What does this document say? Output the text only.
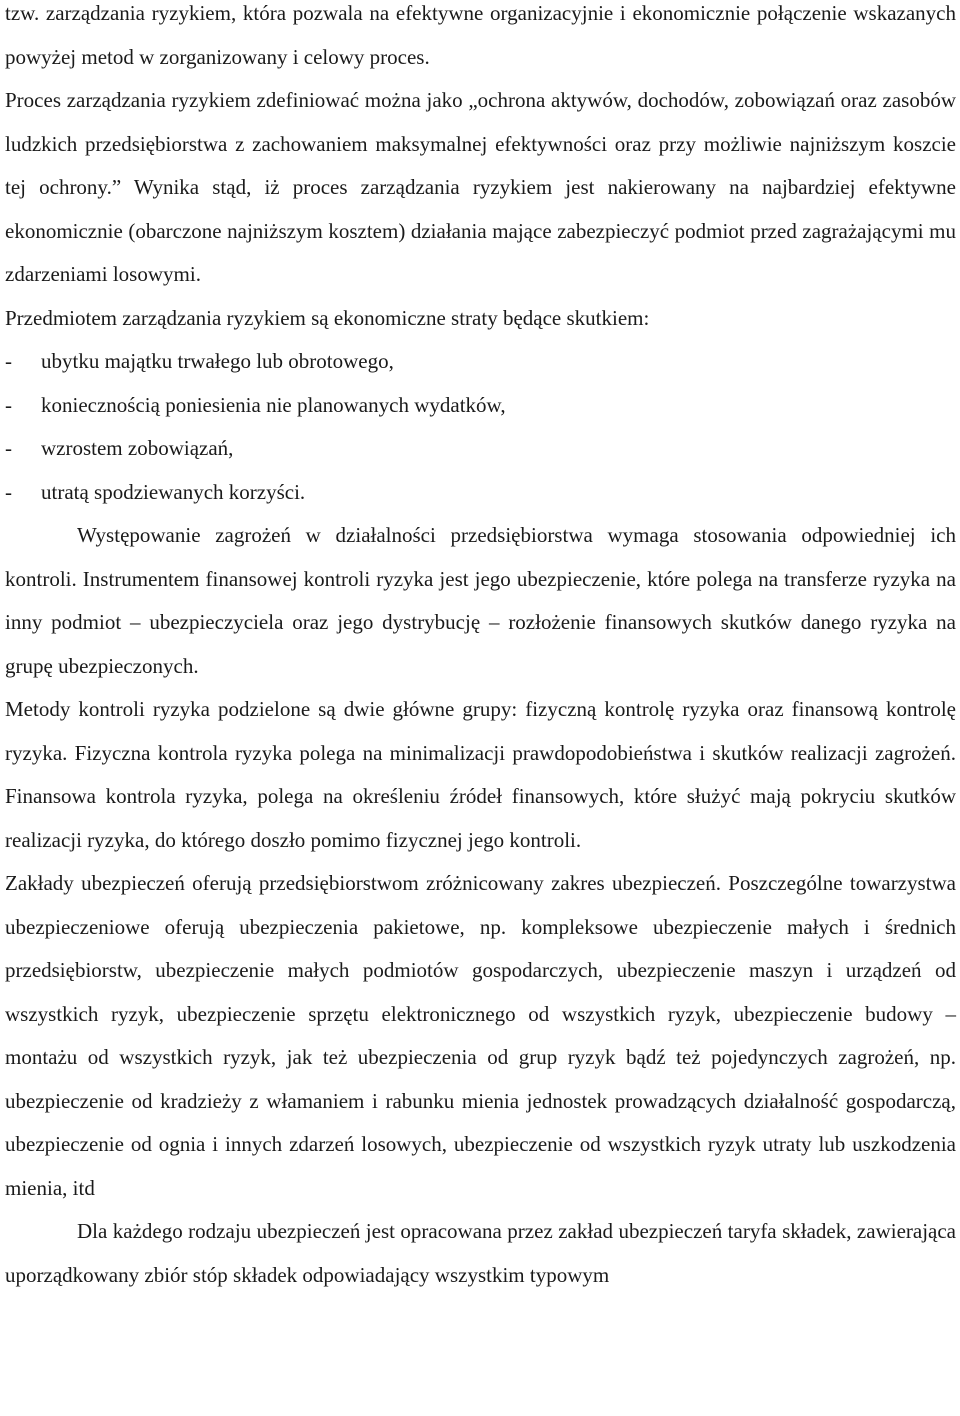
tzw. zarządzania ryzykiem, która pozwala na efektywne organizacyjnie i ekonomicznie połączenie wskazanych powyżej metod w zorganizowany i celowy proces.

Proces zarządzania ryzykiem zdefiniować można jako „ochrona aktywów, dochodów, zobowiązań oraz zasobów ludzkich przedsiębiorstwa z zachowaniem maksymalnej efektywności oraz przy możliwie najniższym koszcie tej ochrony.” Wynika stąd, iż proces zarządzania ryzykiem jest nakierowany na najbardziej efektywne ekonomicznie (obarczone najniższym kosztem) działania mające zabezpieczyć podmiot przed zagrażającymi mu zdarzeniami losowymi.

Przedmiotem zarządzania ryzykiem są ekonomiczne straty będące skutkiem:

- ubytku majątku trwałego lub obrotowego,
- koniecznością poniesienia nie planowanych wydatków,
- wzrostem zobowiązań,
- utratą spodziewanych korzyści.

Występowanie zagrożeń w działalności przedsiębiorstwa wymaga stosowania odpowiedniej ich kontroli. Instrumentem finansowej kontroli ryzyka jest jego ubezpieczenie, które polega na transferze ryzyka na inny podmiot – ubezpieczyciela oraz jego dystrybucję – rozłożenie finansowych skutków danego ryzyka na grupę ubezpieczonych.

Metody kontroli ryzyka podzielone są dwie główne grupy: fizyczną kontrolę ryzyka oraz finansową kontrolę ryzyka. Fizyczna kontrola ryzyka polega na minimalizacji prawdopodobieństwa i skutków realizacji zagrożeń. Finansowa kontrola ryzyka, polega na określeniu źródeł finansowych, które służyć mają pokryciu skutków realizacji ryzyka, do którego doszło pomimo fizycznej jego kontroli.

Zakłady ubezpieczeń oferują przedsiębiorstwom zróżnicowany zakres ubezpieczeń. Poszczególne towarzystwa ubezpieczeniowe oferują ubezpieczenia pakietowe, np. kompleksowe ubezpieczenie małych i średnich przedsiębiorstw, ubezpieczenie małych podmiotów gospodarczych, ubezpieczenie maszyn i urządzeń od wszystkich ryzyk, ubezpieczenie sprzętu elektronicznego od wszystkich ryzyk, ubezpieczenie budowy – montażu od wszystkich ryzyk, jak też ubezpieczenia od grup ryzyk bądź też pojedynczych zagrożeń, np. ubezpieczenie od kradzieży z włamaniem i rabunku mienia jednostek prowadzących działalność gospodarczą, ubezpieczenie od ognia i innych zdarzeń losowych, ubezpieczenie od wszystkich ryzyk utraty lub uszkodzenia mienia, itd

Dla każdego rodzaju ubezpieczeń jest opracowana przez zakład ubezpieczeń taryfa składek, zawierająca uporządkowany zbiór stóp składek odpowiadający wszystkim typowym
